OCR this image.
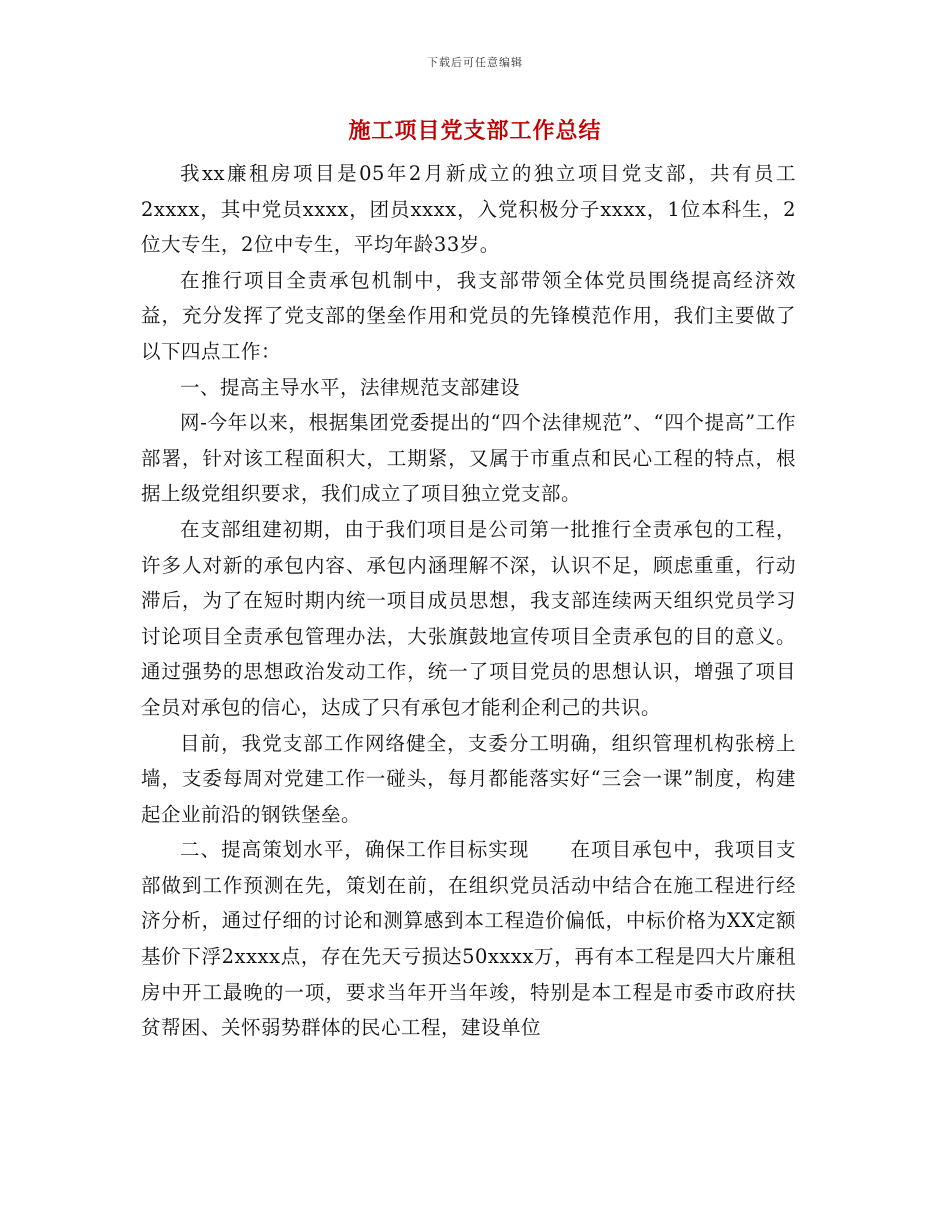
下载后可任意编辑
施工项目党支部工作总结

我xx廉租房项目是05年2月新成立的独立项目党支部，共有员工2xxxx，其中党员xxxx，团员xxxx，入党积极分子xxxx，1位本科生，2位大专生，2位中专生，平均年龄33岁。

在推行项目全责承包机制中，我支部带领全体党员围绕提高经济效益，充分发挥了党支部的堡垒作用和党员的先锋模范作用，我们主要做了以下四点工作：

一、提高主导水平，法律规范支部建设

网-今年以来，根据集团党委提出的“四个法律规范”、“四个提高”工作部署，针对该工程面积大，工期紧，又属于市重点和民心工程的特点，根据上级党组织要求，我们成立了项目独立党支部。

在支部组建初期，由于我们项目是公司第一批推行全责承包的工程，许多人对新的承包内容、承包内涵理解不深，认识不足，顾虑重重，行动滞后，为了在短时期内统一项目成员思想，我支部连续两天组织党员学习讨论项目全责承包管理办法，大张旗鼓地宣传项目全责承包的目的意义。通过强势的思想政治发动工作，统一了项目党员的思想认识，增强了项目全员对承包的信心，达成了只有承包才能利企利己的共识。

目前，我党支部工作网络健全，支委分工明确，组织管理机构张榜上墙，支委每周对党建工作一碰头，每月都能落实好“三会一课”制度，构建起企业前沿的钢铁堡垒。

二、提高策划水平，确保工作目标实现　　在项目承包中，我项目支部做到工作预测在先，策划在前，在组织党员活动中结合在施工程进行经济分析，通过仔细的讨论和测算感到本工程造价偏低，中标价格为XX定额基价下浮2xxxx点，存在先天亏损达50xxxx万，再有本工程是四大片廉租房中开工最晚的一项，要求当年开当年竣，特别是本工程是市委市政府扶贫帮困、关怀弱势群体的民心工程，建设单位
